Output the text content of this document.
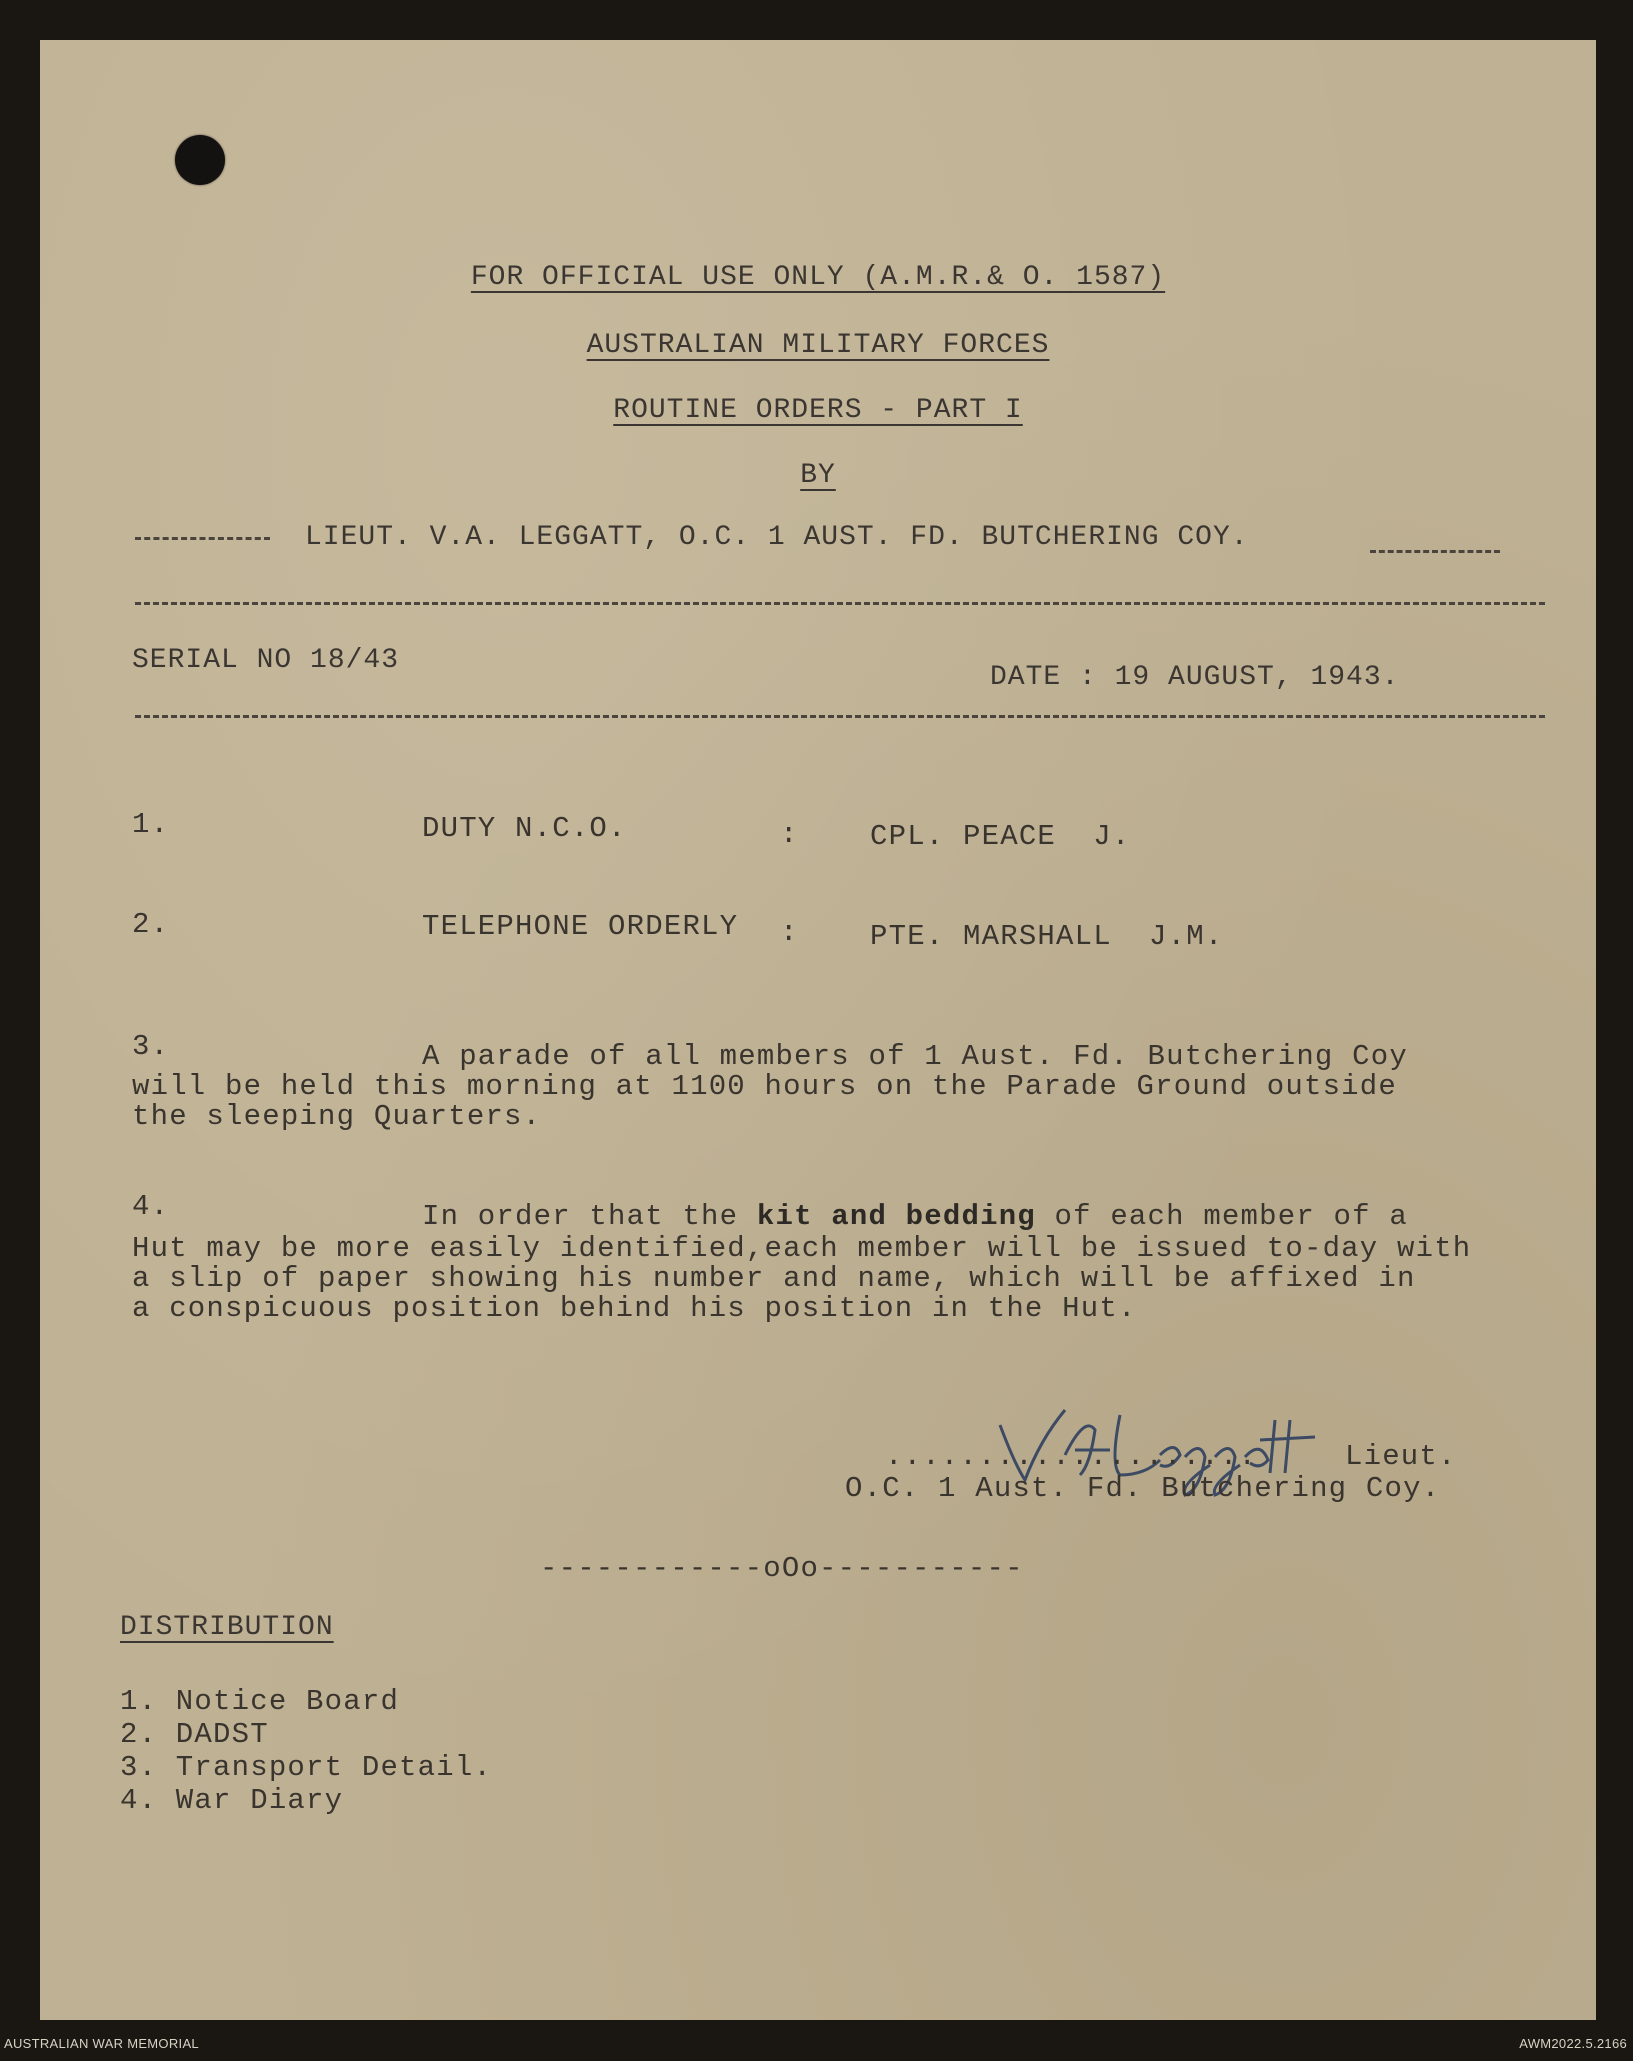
FOR OFFICIAL USE ONLY (A.M.R.& O. 1587)
AUSTRALIAN MILITARY FORCES
ROUTINE ORDERS - PART I
BY
LIEUT. V.A. LEGGATT, O.C. 1 AUST. FD. BUTCHERING COY.
SERIAL NO 18/43
DATE : 19 AUGUST, 1943.
1.	DUTY N.C.O.	: CPL. PEACE  J.
2.	TELEPHONE ORDERLY : PTE. MARSHALL  J.M.
3.	A parade of all members of 1 Aust. Fd. Butchering Coy
will be held this morning at 1100 hours on the Parade Ground outside
the sleeping Quarters.
4.	In order that the kit and bedding of each member of a
Hut may be more easily identified,each member will be issued to-day with
a slip of paper showing his number and name, which will be affixed in
a conspicuous position behind his position in the Hut.
....................	Lieut.
O.C. 1 Aust. Fd. Butchering Coy.
------------oOo-----------
DISTRIBUTION
1. Notice Board
2. DADST
3. Transport Detail.
4. War Diary
AUSTRALIAN WAR MEMORIAL	AWM2022.5.2166
